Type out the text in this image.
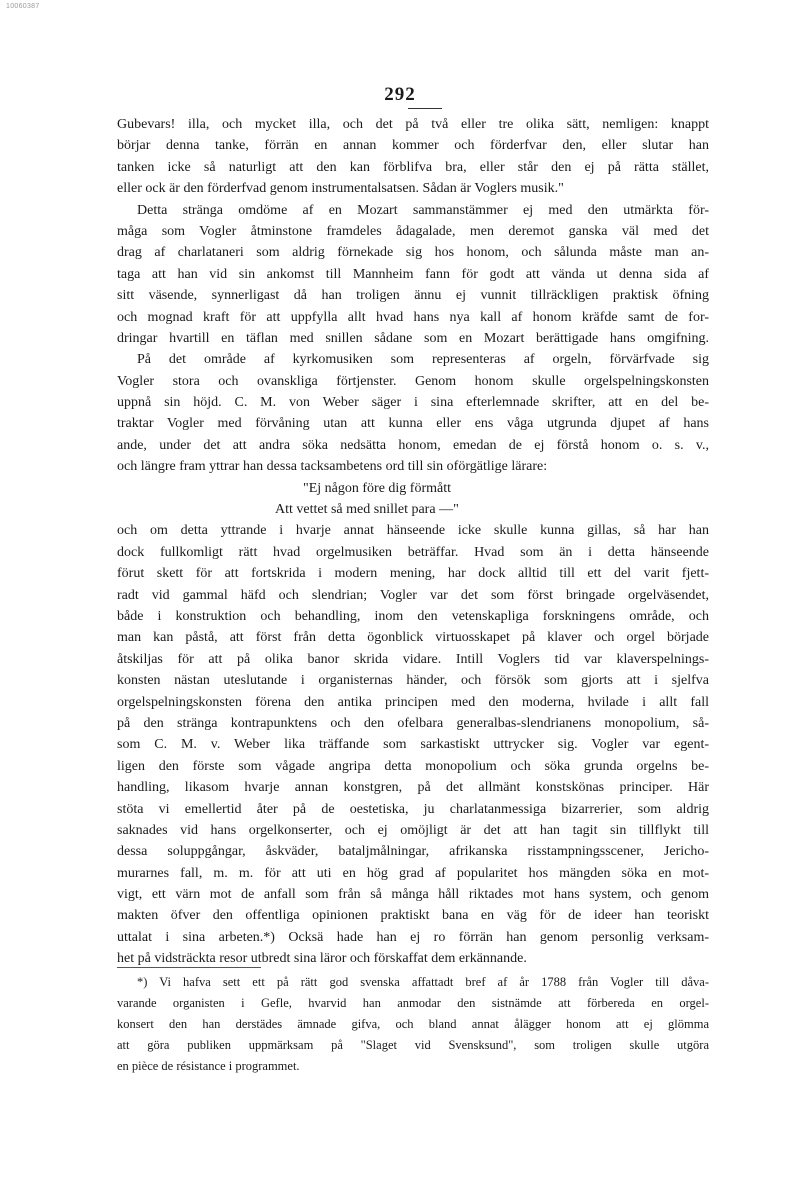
10060387
292
Gubevars! illa, och mycket illa, och det på två eller tre olika sätt, nemligen: knappt
börjar denna tanke, förrän en annan kommer och förderfvar den, eller slutar han
tanken icke så naturligt att den kan förblifva bra, eller står den ej på rätta stället,
eller ock är den förderfvad genom instrumentalsatsen. Sådan är Voglers musik."
Detta stränga omdöme af en Mozart sammanstämmer ej med den utmärkta för-
måga som Vogler åtminstone framdeles ådagalade, men deremot ganska väl med det
drag af charlataneri som aldrig förnekade sig hos honom, och sålunda måste man an-
taga att han vid sin ankomst till Mannheim fann för godt att vända ut denna sida af
sitt väsende, synnerligast då han troligen ännu ej vunnit tillräckligen praktisk öfning
och mognad kraft för att uppfylla allt hvad hans nya kall af honom kräfde samt de for-
dringar hvartill en täflan med snillen sådane som en Mozart berättigade hans omgifning.
På det område af kyrkomusiken som representeras af orgeln, förvärfvade sig
Vogler stora och ovanskliga förtjenster. Genom honom skulle orgelspelningskonsten
uppnå sin höjd. C. M. von Weber säger i sina efterlemnade skrifter, att en del be-
traktar Vogler med förvåning utan att kunna eller ens våga utgrunda djupet af hans
ande, under det att andra söka nedsätta honom, emedan de ej förstå honom o. s. v.,
och längre fram yttrar han dessa tacksambetens ord till sin oförgätlige lärare:
"Ej någon före dig förmått
Att vettet så med snillet para —"
och om detta yttrande i hvarje annat hänseende icke skulle kunna gillas, så har han
dock fullkomligt rätt hvad orgelmusiken beträffar. Hvad som än i detta hänseende
förut skett för att fortskrida i modern mening, har dock alltid till ett del varit fjett-
radt vid gammal häfd och slendrian; Vogler var det som först bringade orgelväsendet,
både i konstruktion och behandling, inom den vetenskapliga forskningens område, och
man kan påstå, att först från detta ögonblick virtuosskapet på klaver och orgel började
åtskiljas för att på olika banor skrida vidare. Intill Voglers tid var klaverspelnings-
konsten nästan uteslutande i organisternas händer, och försök som gjorts att i sjelfva
orgelspelningskonsten förena den antika principen med den moderna, hvilade i allt fall
på den stränga kontrapunktens och den ofelbara generalbas-slendrianens monopolium, så-
som C. M. v. Weber lika träffande som sarkastiskt uttrycker sig. Vogler var egent-
ligen den förste som vågade angripa detta monopolium och söka grunda orgelns be-
handling, likasom hvarje annan konstgren, på det allmänt konstskönas principer. Här
stöta vi emellertid åter på de oestetiska, ju charlatanmessiga bizarrerier, som aldrig
saknades vid hans orgelkonserter, och ej omöjligt är det att han tagit sin tillflykt till
dessa soluppgångar, åskväder, bataljmålningar, afrikanska risstampningsscener, Jericho-
murarnes fall, m. m. för att uti en hög grad af popularitet hos mängden söka en mot-
vigt, ett värn mot de anfall som från så många håll riktades mot hans system, och genom
makten öfver den offentliga opinionen praktiskt bana en väg för de ideer han teoriskt
uttalat i sina arbeten.*) Ocksä hade han ej ro förrän han genom personlig verksam-
het på vidsträckta resor utbredt sina läror och förskaffat dem erkännande.
*) Vi hafva sett ett på rätt god svenska affattadt bref af år 1788 från Vogler till dåva-
varande organisten i Gefle, hvarvid han anmodar den sistnämde att förbereda en orgel-
konsert den han derstädes ämnade gifva, och bland annat ålägger honom att ej glömma
att göra publiken uppmärksam på "Slaget vid Svensksund", som troligen skulle utgöra
en pièce de résistance i programmet.
